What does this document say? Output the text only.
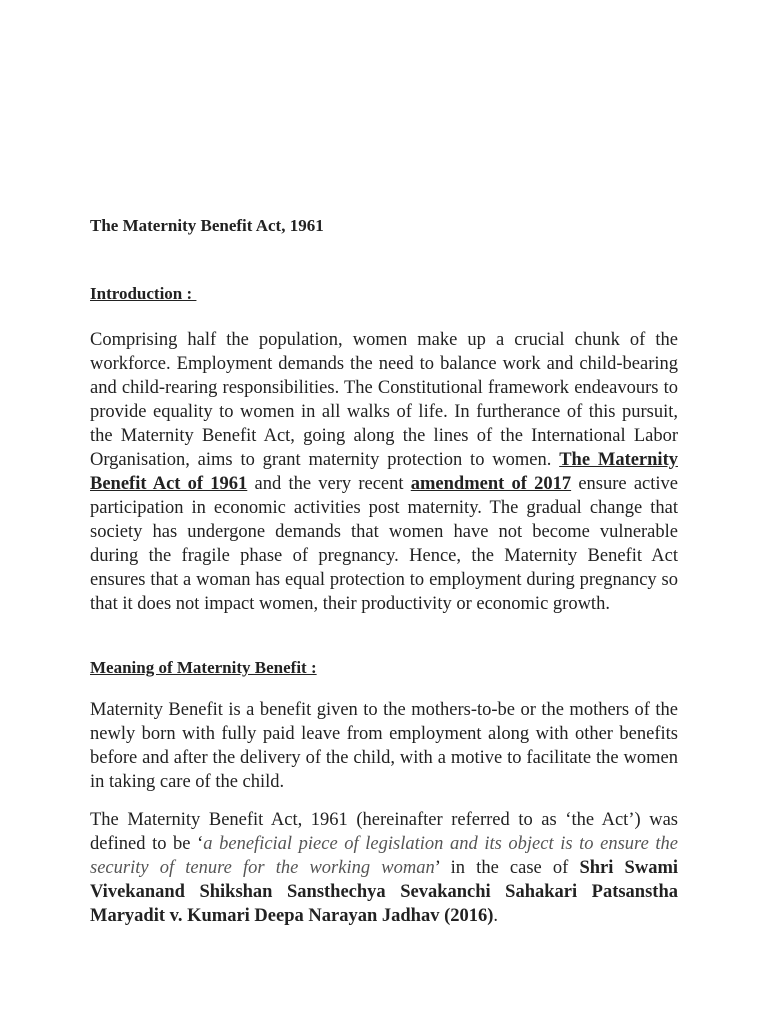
The Maternity Benefit Act, 1961
Introduction :
Comprising half the population, women make up a crucial chunk of the workforce. Employment demands the need to balance work and child-bearing and child-rearing responsibilities. The Constitutional framework endeavours to provide equality to women in all walks of life. In furtherance of this pursuit, the Maternity Benefit Act, going along the lines of the International Labor Organisation, aims to grant maternity protection to women. The Maternity Benefit Act of 1961 and the very recent amendment of 2017 ensure active participation in economic activities post maternity. The gradual change that society has undergone demands that women have not become vulnerable during the fragile phase of pregnancy. Hence, the Maternity Benefit Act ensures that a woman has equal protection to employment during pregnancy so that it does not impact women, their productivity or economic growth.
Meaning of Maternity Benefit :
Maternity Benefit is a benefit given to the mothers-to-be or the mothers of the newly born with fully paid leave from employment along with other benefits before and after the delivery of the child, with a motive to facilitate the women in taking care of the child.
The Maternity Benefit Act, 1961 (hereinafter referred to as ‘the Act’) was defined to be ‘a beneficial piece of legislation and its object is to ensure the security of tenure for the working woman’ in the case of Shri Swami Vivekanand Shikshan Sansthechya Sevakanchi Sahakari Patsanstha Maryadit v. Kumari Deepa Narayan Jadhav (2016).
